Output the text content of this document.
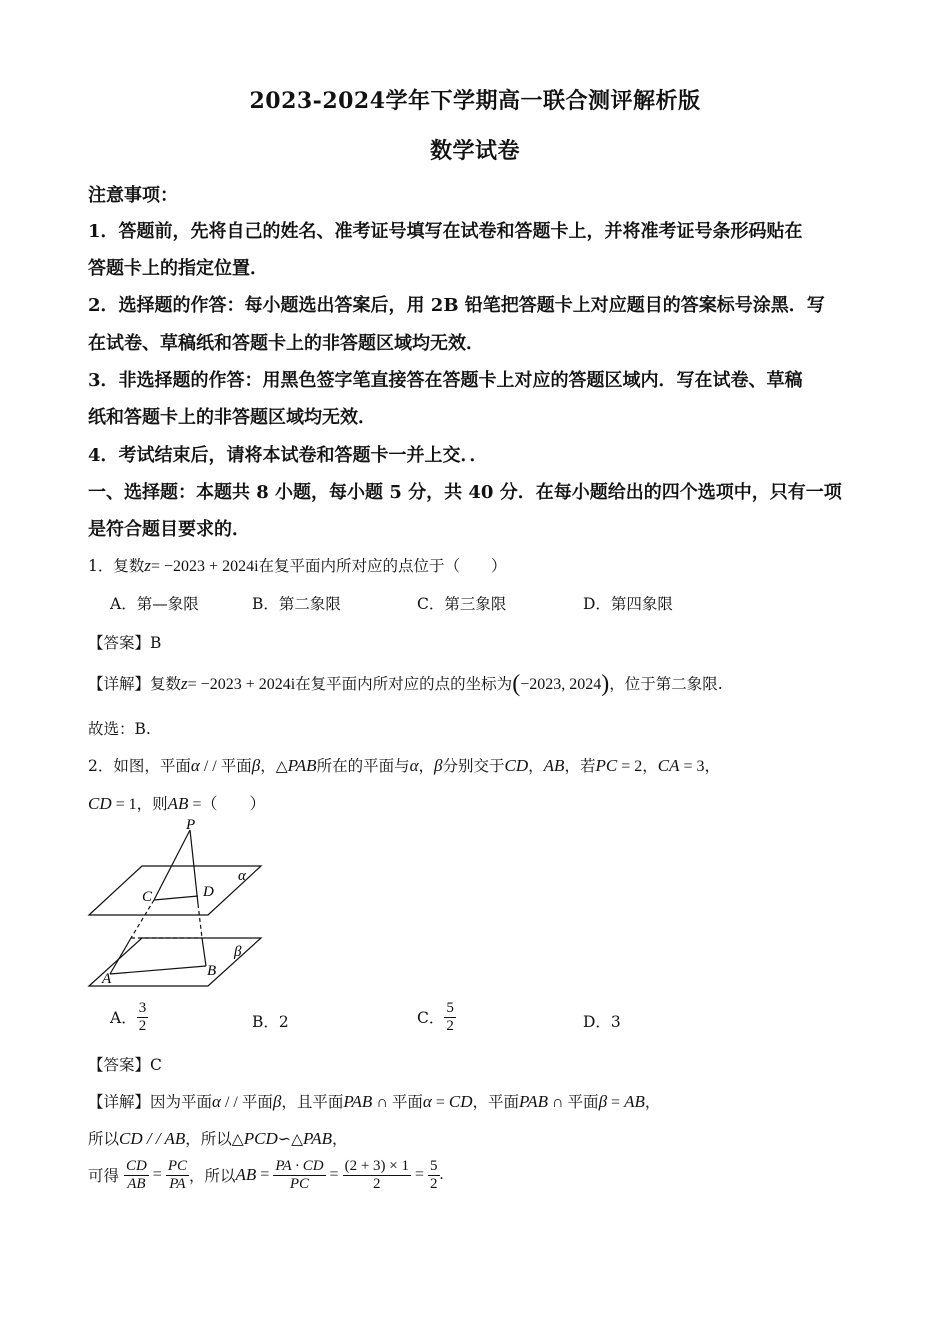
2023-2024学年下学期高一联合测评解析版
数学试卷
注意事项：
1．答题前，先将自己的姓名、准考证号填写在试卷和答题卡上，并将准考证号条形码贴在
答题卡上的指定位置．
2．选择题的作答：每小题选出答案后，用 2B 铅笔把答题卡上对应题目的答案标号涂黑．写
在试卷、草稿纸和答题卡上的非答题区域均无效．
3．非选择题的作答：用黑色签字笔直接答在答题卡上对应的答题区域内．写在试卷、草稿
纸和答题卡上的非答题区域均无效．
4．考试结束后，请将本试卷和答题卡一并上交．．
一、选择题：本题共 8 小题，每小题 5 分，共 40 分．在每小题给出的四个选项中，只有一项
是符合题目要求的．
1．复数z= −2023 + 2024i在复平面内所对应的点位于（　　）
A．第—象限	B．第二象限	C．第三象限	D．第四象限
【答案】B
【详解】复数z= −2023 + 2024i在复平面内所对应的点的坐标为(−2023, 2024)，位于第二象限.
故选：B.
2．如图，平面α / / 平面β，△PAB所在的平面与α，β分别交于CD，AB，若PC = 2，CA = 3，
CD = 1，则AB =（　　）
P
C	D
α
β
A	B
A． $\frac{3}{2}$	B．2	C． $\frac{5}{2}$	D．3
【答案】C
【详解】因为平面α / / 平面β，且平面PAB ∩ 平面α = CD，平面PAB ∩ 平面β = AB，
所以CD / / AB，所以△PCD∽△PAB，
可得 $\frac{CD}{AB} = \frac{PC}{PA}$ ，所以AB = $\frac{PA \cdot CD}{PC} = \frac{(2 + 3) \times 1}{2} = \frac{5}{2}$ .
